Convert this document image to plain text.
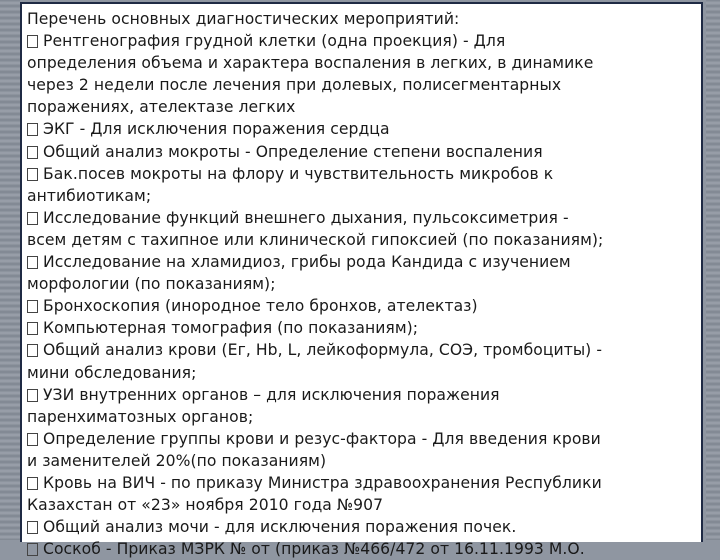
Перечень основных диагностических мероприятий:
Рентгенография грудной клетки (одна проекция) - Для
определения объема и характера воспаления в легких, в динамике
через 2 недели после лечения при долевых, полисегментарных
поражениях, ателектазе легких
ЭКГ - Для исключения поражения сердца
Общий анализ мокроты - Определение степени воспаления
Бак.посев мокроты на флору и чувствительность микробов к
антибиотикам;
Исследование функций внешнего дыхания, пульсоксиметрия -
всем детям с тахипное или клинической гипоксией (по показаниям);
Исследование на хламидиоз, грибы рода Кандида с изучением
морфологии (по показаниям);
Бронхоскопия (инородное тело бронхов, ателектаз)
Компьютерная томография (по показаниям);
Общий анализ крови (Ег, Hb, L, лейкоформула, СОЭ, тромбоциты) -
мини обследования;
УЗИ внутренних органов – для исключения поражения
паренхиматозных органов;
Определение группы крови и резус-фактора - Для введения крови
и заменителей 20%(по показаниям)
Кровь на ВИЧ - по приказу Министра здравоохранения Республики
Казахстан от «23» ноября 2010 года №907
Общий анализ мочи - для исключения поражения почек.
Соскоб - Приказ МЗРК № от (приказ №466/472 от 16.11.1993 М.О.
